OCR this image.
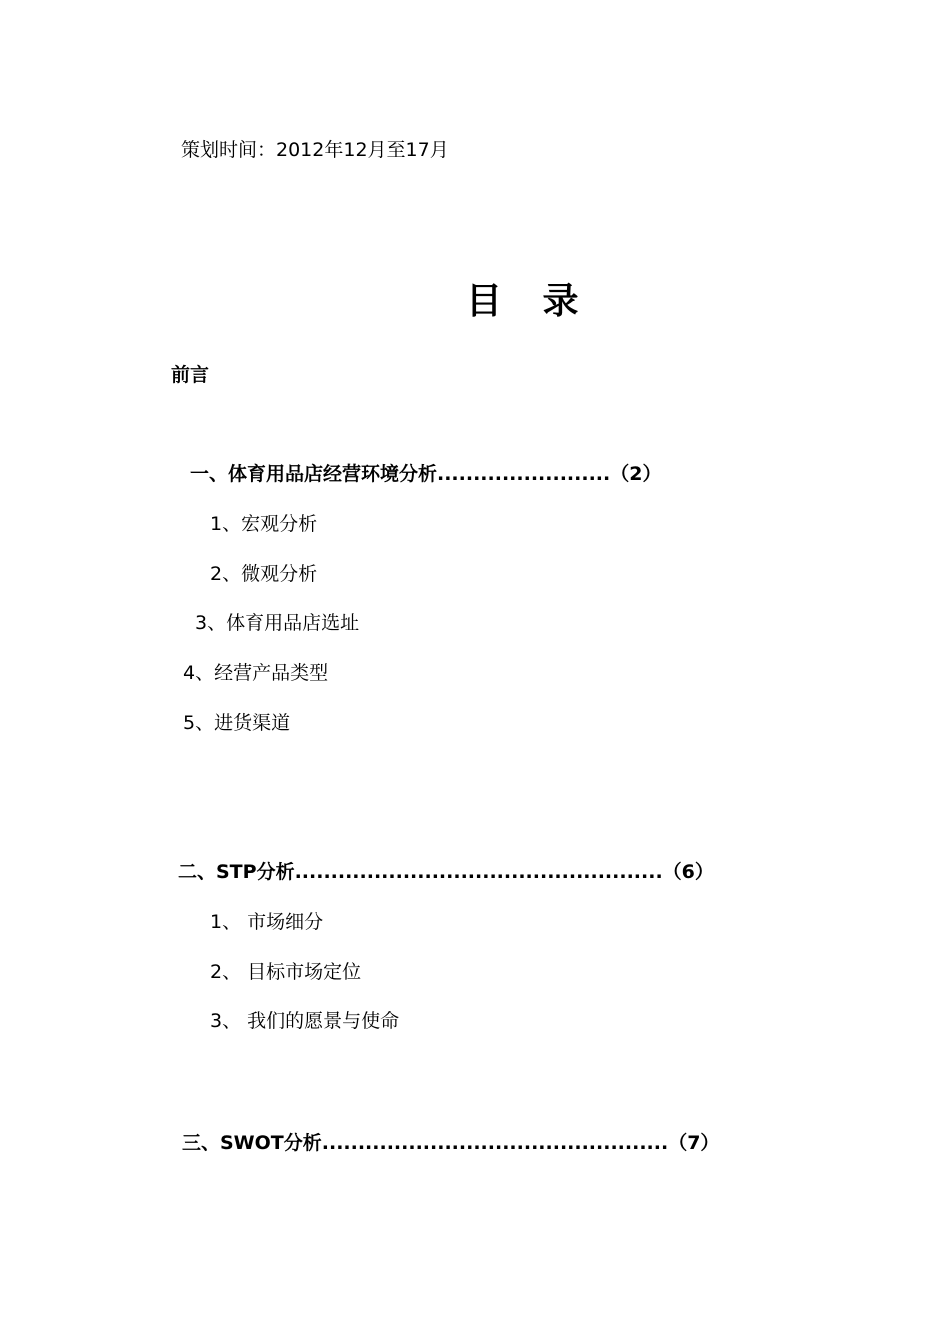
策划时间：2012年12月至17月
目 录
前言
一、体育用品店经营环境分析........................（2）
1、宏观分析
2、微观分析
3、体育用品店选址
4、经营产品类型
5、进货渠道
二、STP分析...................................................（6）
1、 市场细分
2、 目标市场定位
3、 我们的愿景与使命
三、SWOT分析................................................（7）
